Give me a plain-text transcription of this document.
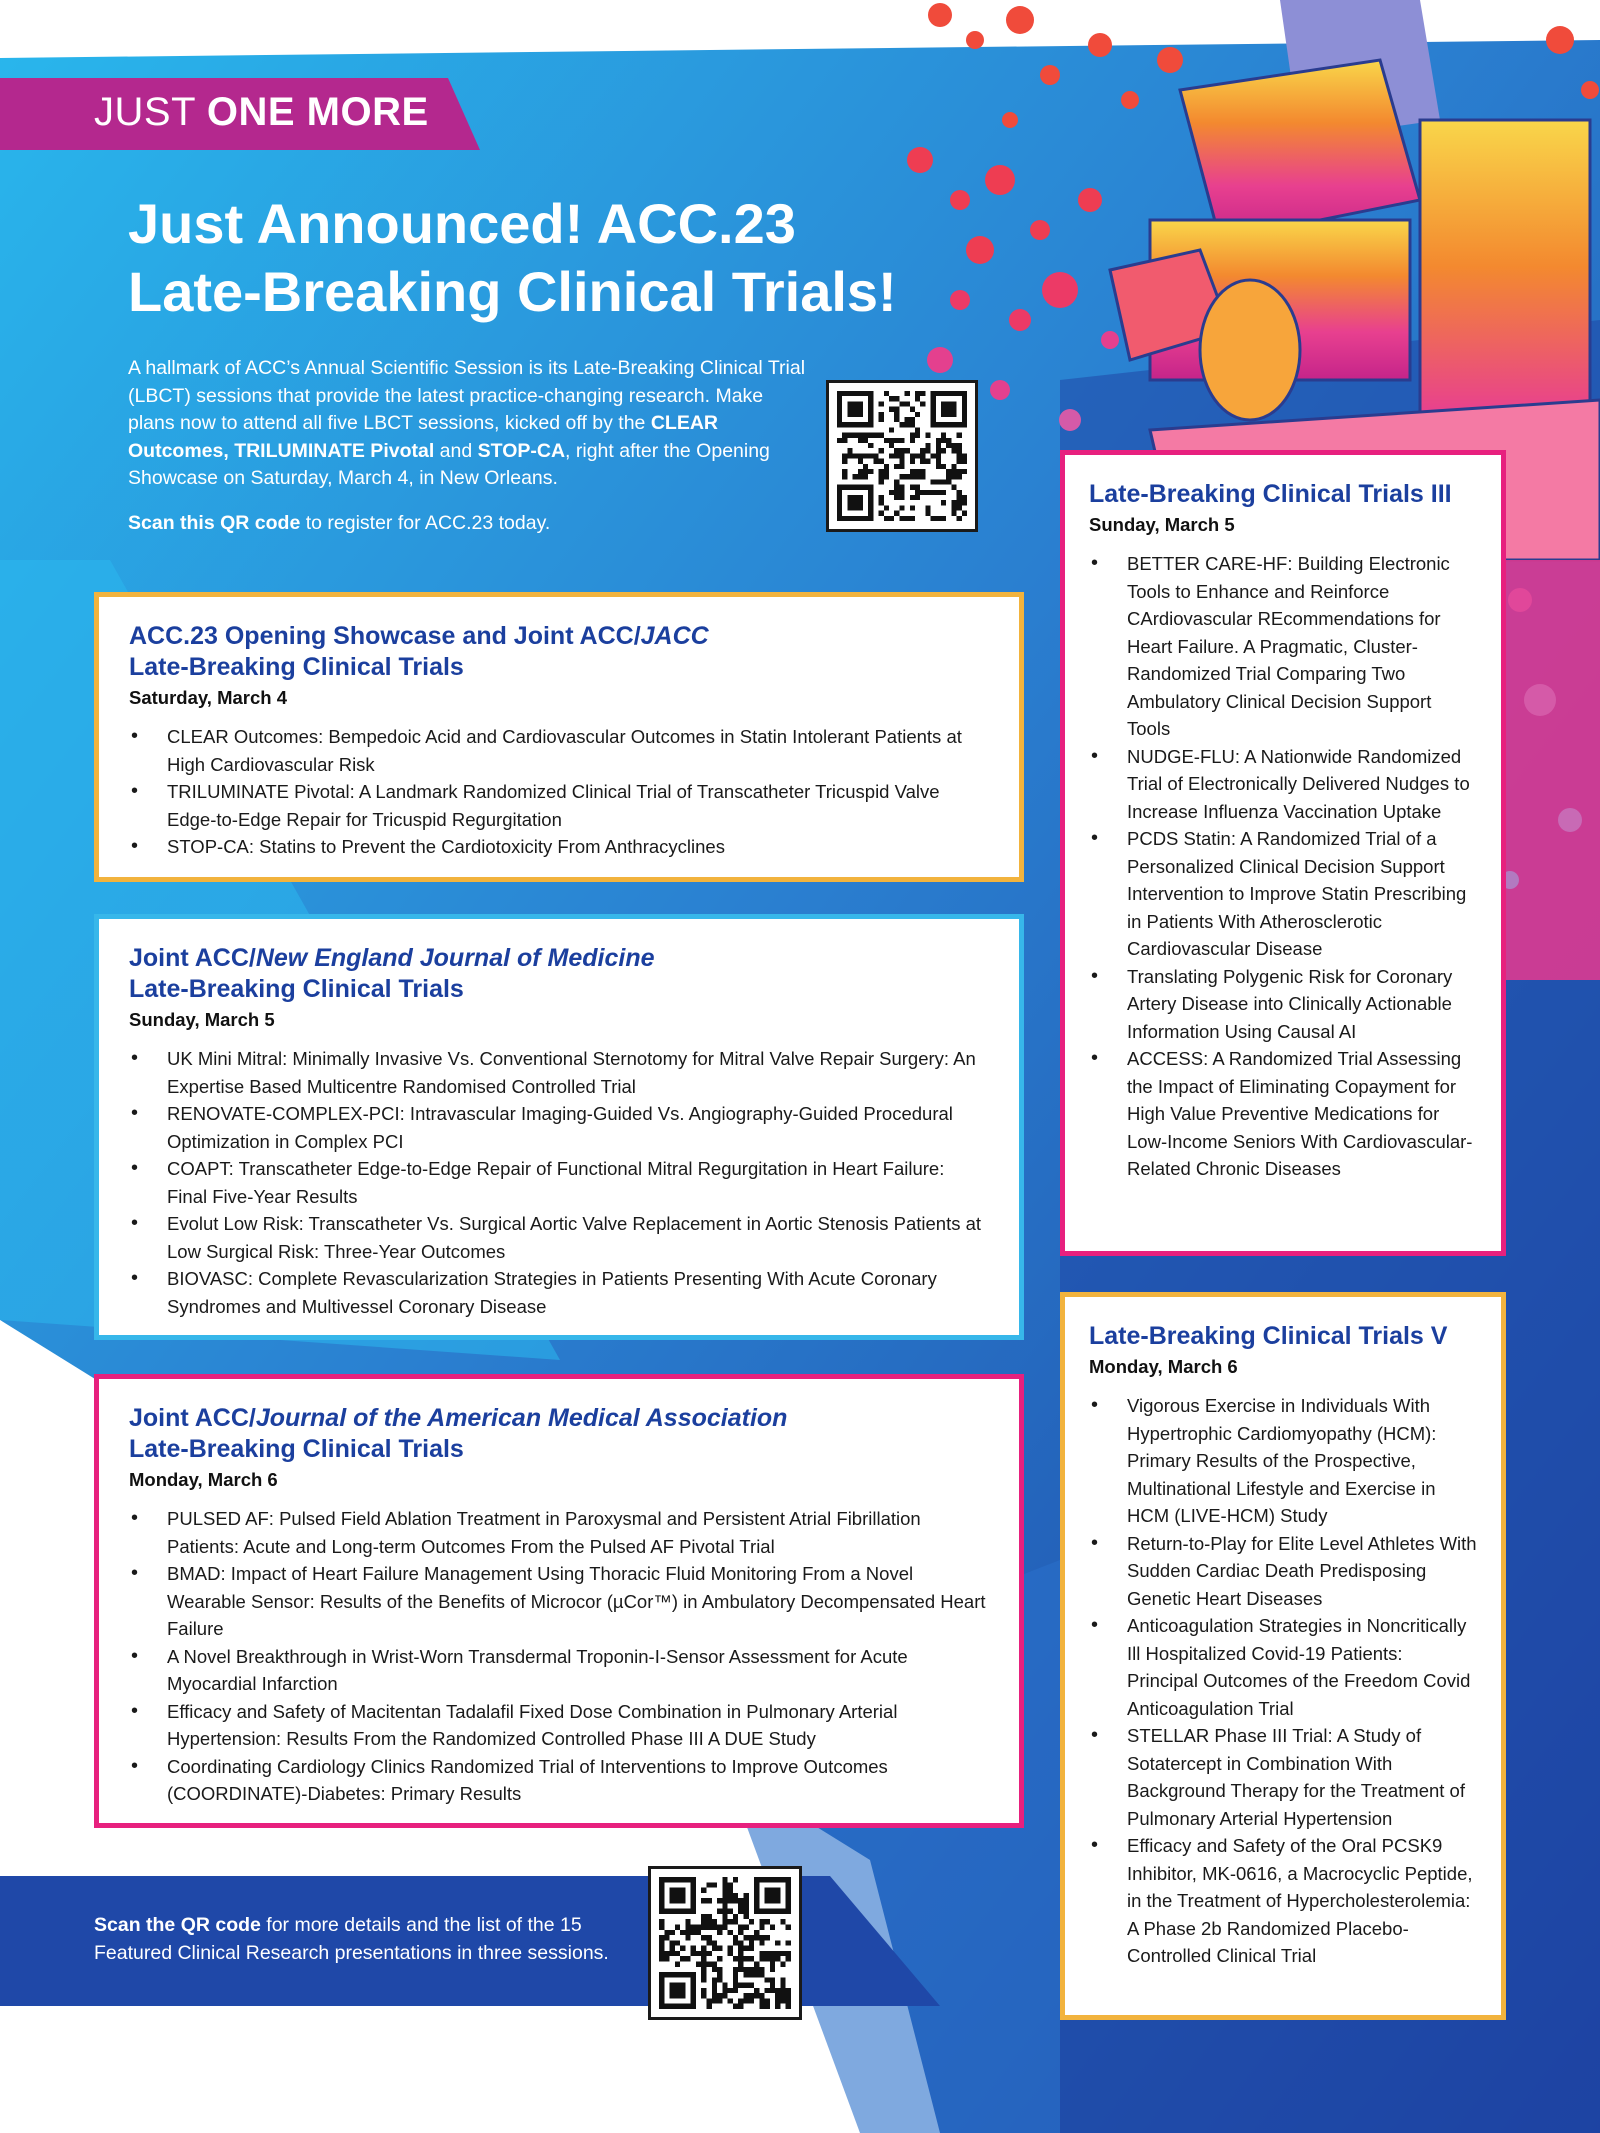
JUST ONE MORE
Just Announced! ACC.23
Late-Breaking Clinical Trials!

A hallmark of ACC’s Annual Scientific Session is its Late-Breaking Clinical Trial (LBCT) sessions that provide the latest practice-changing research. Make plans now to attend all five LBCT sessions, kicked off by the CLEAR Outcomes, TRILUMINATE Pivotal and STOP-CA, right after the Opening Showcase on Saturday, March 4, in New Orleans.

Scan this QR code to register for ACC.23 today.

ACC.23 Opening Showcase and Joint ACC/JACC
Late-Breaking Clinical Trials
Saturday, March 4
• CLEAR Outcomes: Bempedoic Acid and Cardiovascular Outcomes in Statin Intolerant Patients at High Cardiovascular Risk
• TRILUMINATE Pivotal: A Landmark Randomized Clinical Trial of Transcatheter Tricuspid Valve Edge-to-Edge Repair for Tricuspid Regurgitation
• STOP-CA: Statins to Prevent the Cardiotoxicity From Anthracyclines
Joint ACC/New England Journal of Medicine
Late-Breaking Clinical Trials
Sunday, March 5
• UK Mini Mitral: Minimally Invasive Vs. Conventional Sternotomy for Mitral Valve Repair Surgery: An Expertise Based Multicentre Randomised Controlled Trial
• RENOVATE-COMPLEX-PCI: Intravascular Imaging-Guided Vs. Angiography-Guided Procedural Optimization in Complex PCI
• COAPT: Transcatheter Edge-to-Edge Repair of Functional Mitral Regurgitation in Heart Failure: Final Five-Year Results
• Evolut Low Risk: Transcatheter Vs. Surgical Aortic Valve Replacement in Aortic Stenosis Patients at Low Surgical Risk: Three-Year Outcomes
• BIOVASC: Complete Revascularization Strategies in Patients Presenting With Acute Coronary Syndromes and Multivessel Coronary Disease
Joint ACC/Journal of the American Medical Association
Late-Breaking Clinical Trials
Monday, March 6
• PULSED AF: Pulsed Field Ablation Treatment in Paroxysmal and Persistent Atrial Fibrillation Patients: Acute and Long-term Outcomes From the Pulsed AF Pivotal Trial
• BMAD: Impact of Heart Failure Management Using Thoracic Fluid Monitoring From a Novel Wearable Sensor: Results of the Benefits of Microcor (µCor™) in Ambulatory Decompensated Heart Failure
• A Novel Breakthrough in Wrist-Worn Transdermal Troponin-I-Sensor Assessment for Acute Myocardial Infarction
• Efficacy and Safety of Macitentan Tadalafil Fixed Dose Combination in Pulmonary Arterial Hypertension: Results From the Randomized Controlled Phase III A DUE Study
• Coordinating Cardiology Clinics Randomized Trial of Interventions to Improve Outcomes (COORDINATE)-Diabetes: Primary Results
Late-Breaking Clinical Trials III
Sunday, March 5
• BETTER CARE-HF: Building Electronic Tools to Enhance and Reinforce CArdiovascular REcommendations for Heart Failure. A Pragmatic, Cluster-Randomized Trial Comparing Two Ambulatory Clinical Decision Support Tools
• NUDGE-FLU: A Nationwide Randomized Trial of Electronically Delivered Nudges to Increase Influenza Vaccination Uptake
• PCDS Statin: A Randomized Trial of a Personalized Clinical Decision Support Intervention to Improve Statin Prescribing in Patients With Atherosclerotic Cardiovascular Disease
• Translating Polygenic Risk for Coronary Artery Disease into Clinically Actionable Information Using Causal AI
• ACCESS: A Randomized Trial Assessing the Impact of Eliminating Copayment for High Value Preventive Medications for Low-Income Seniors With Cardiovascular-Related Chronic Diseases
Late-Breaking Clinical Trials V
Monday, March 6
• Vigorous Exercise in Individuals With Hypertrophic Cardiomyopathy (HCM): Primary Results of the Prospective, Multinational Lifestyle and Exercise in HCM (LIVE-HCM) Study
• Return-to-Play for Elite Level Athletes With Sudden Cardiac Death Predisposing Genetic Heart Diseases
• Anticoagulation Strategies in Noncritically Ill Hospitalized Covid-19 Patients: Principal Outcomes of the Freedom Covid Anticoagulation Trial
• STELLAR Phase III Trial: A Study of Sotatercept in Combination With Background Therapy for the Treatment of Pulmonary Arterial Hypertension
• Efficacy and Safety of the Oral PCSK9 Inhibitor, MK-0616, a Macrocyclic Peptide, in the Treatment of Hypercholesterolemia: A Phase 2b Randomized Placebo-Controlled Clinical Trial

Scan the QR code for more details and the list of the 15 Featured Clinical Research presentations in three sessions.
